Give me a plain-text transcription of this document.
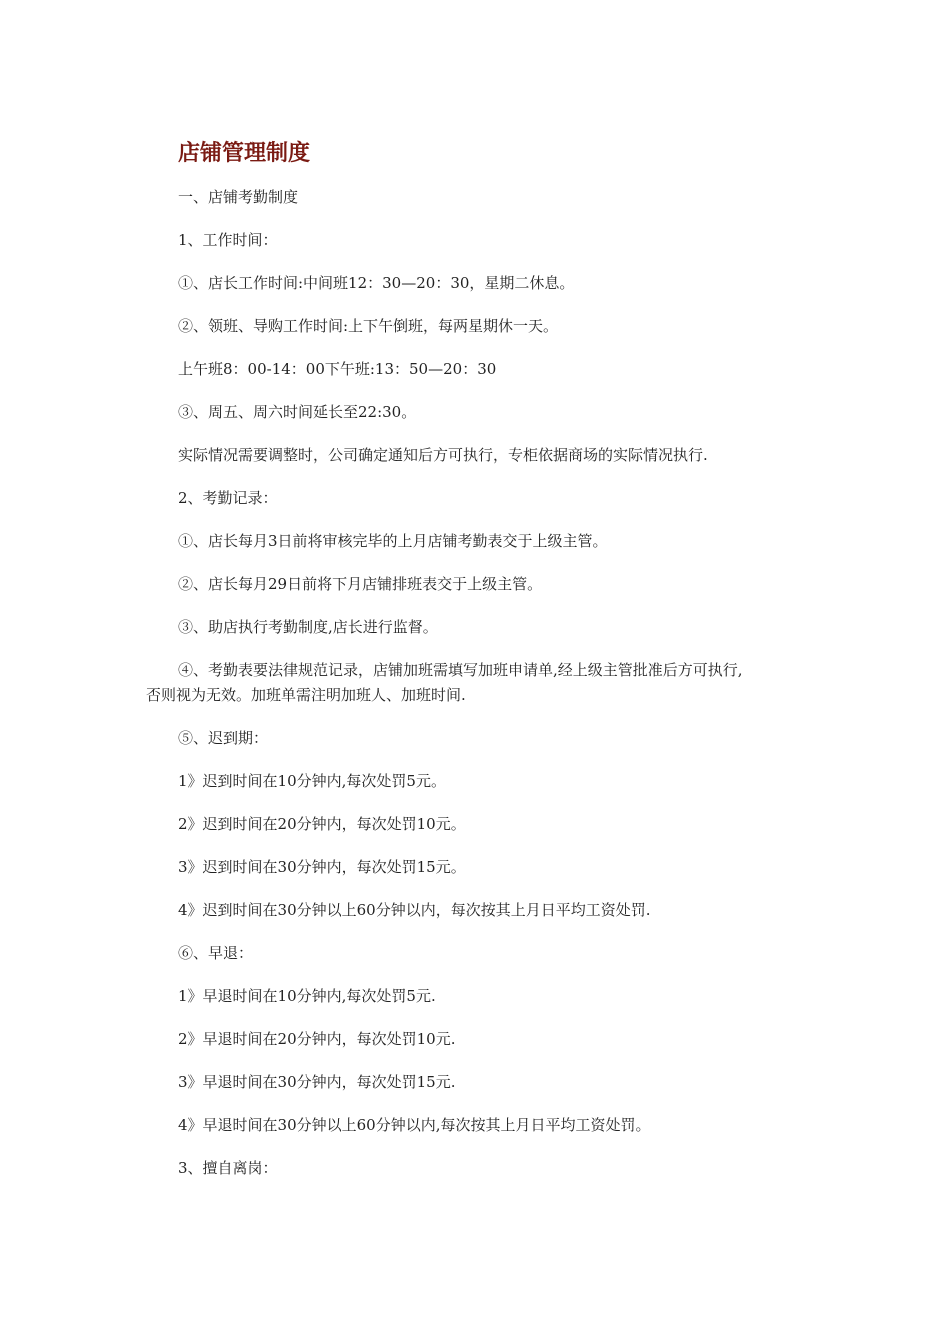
店铺管理制度
一、店铺考勤制度
1、工作时间：
①、店长工作时间:中间班12：30—20：30，星期二休息。
②、领班、导购工作时间:上下午倒班，每两星期休一天。
上午班8：00-14：00下午班:13：50—20：30
③、周五、周六时间延长至22:30。
实际情况需要调整时，公司确定通知后方可执行，专柜依据商场的实际情况执行.
2、考勤记录：
①、店长每月3日前将审核完毕的上月店铺考勤表交于上级主管。
②、店长每月29日前将下月店铺排班表交于上级主管。
③、助店执行考勤制度,店长进行监督。
④、考勤表要法律规范记录，店铺加班需填写加班申请单,经上级主管批准后方可执行,
否则视为无效。加班单需注明加班人、加班时间.
⑤、迟到期：
1》迟到时间在10分钟内,每次处罚5元。
2》迟到时间在20分钟内，每次处罚10元。
3》迟到时间在30分钟内，每次处罚15元。
4》迟到时间在30分钟以上60分钟以内，每次按其上月日平均工资处罚.
⑥、早退：
1》早退时间在10分钟内,每次处罚5元.
2》早退时间在20分钟内，每次处罚10元.
3》早退时间在30分钟内，每次处罚15元.
4》早退时间在30分钟以上60分钟以内,每次按其上月日平均工资处罚。
3、擅自离岗：
